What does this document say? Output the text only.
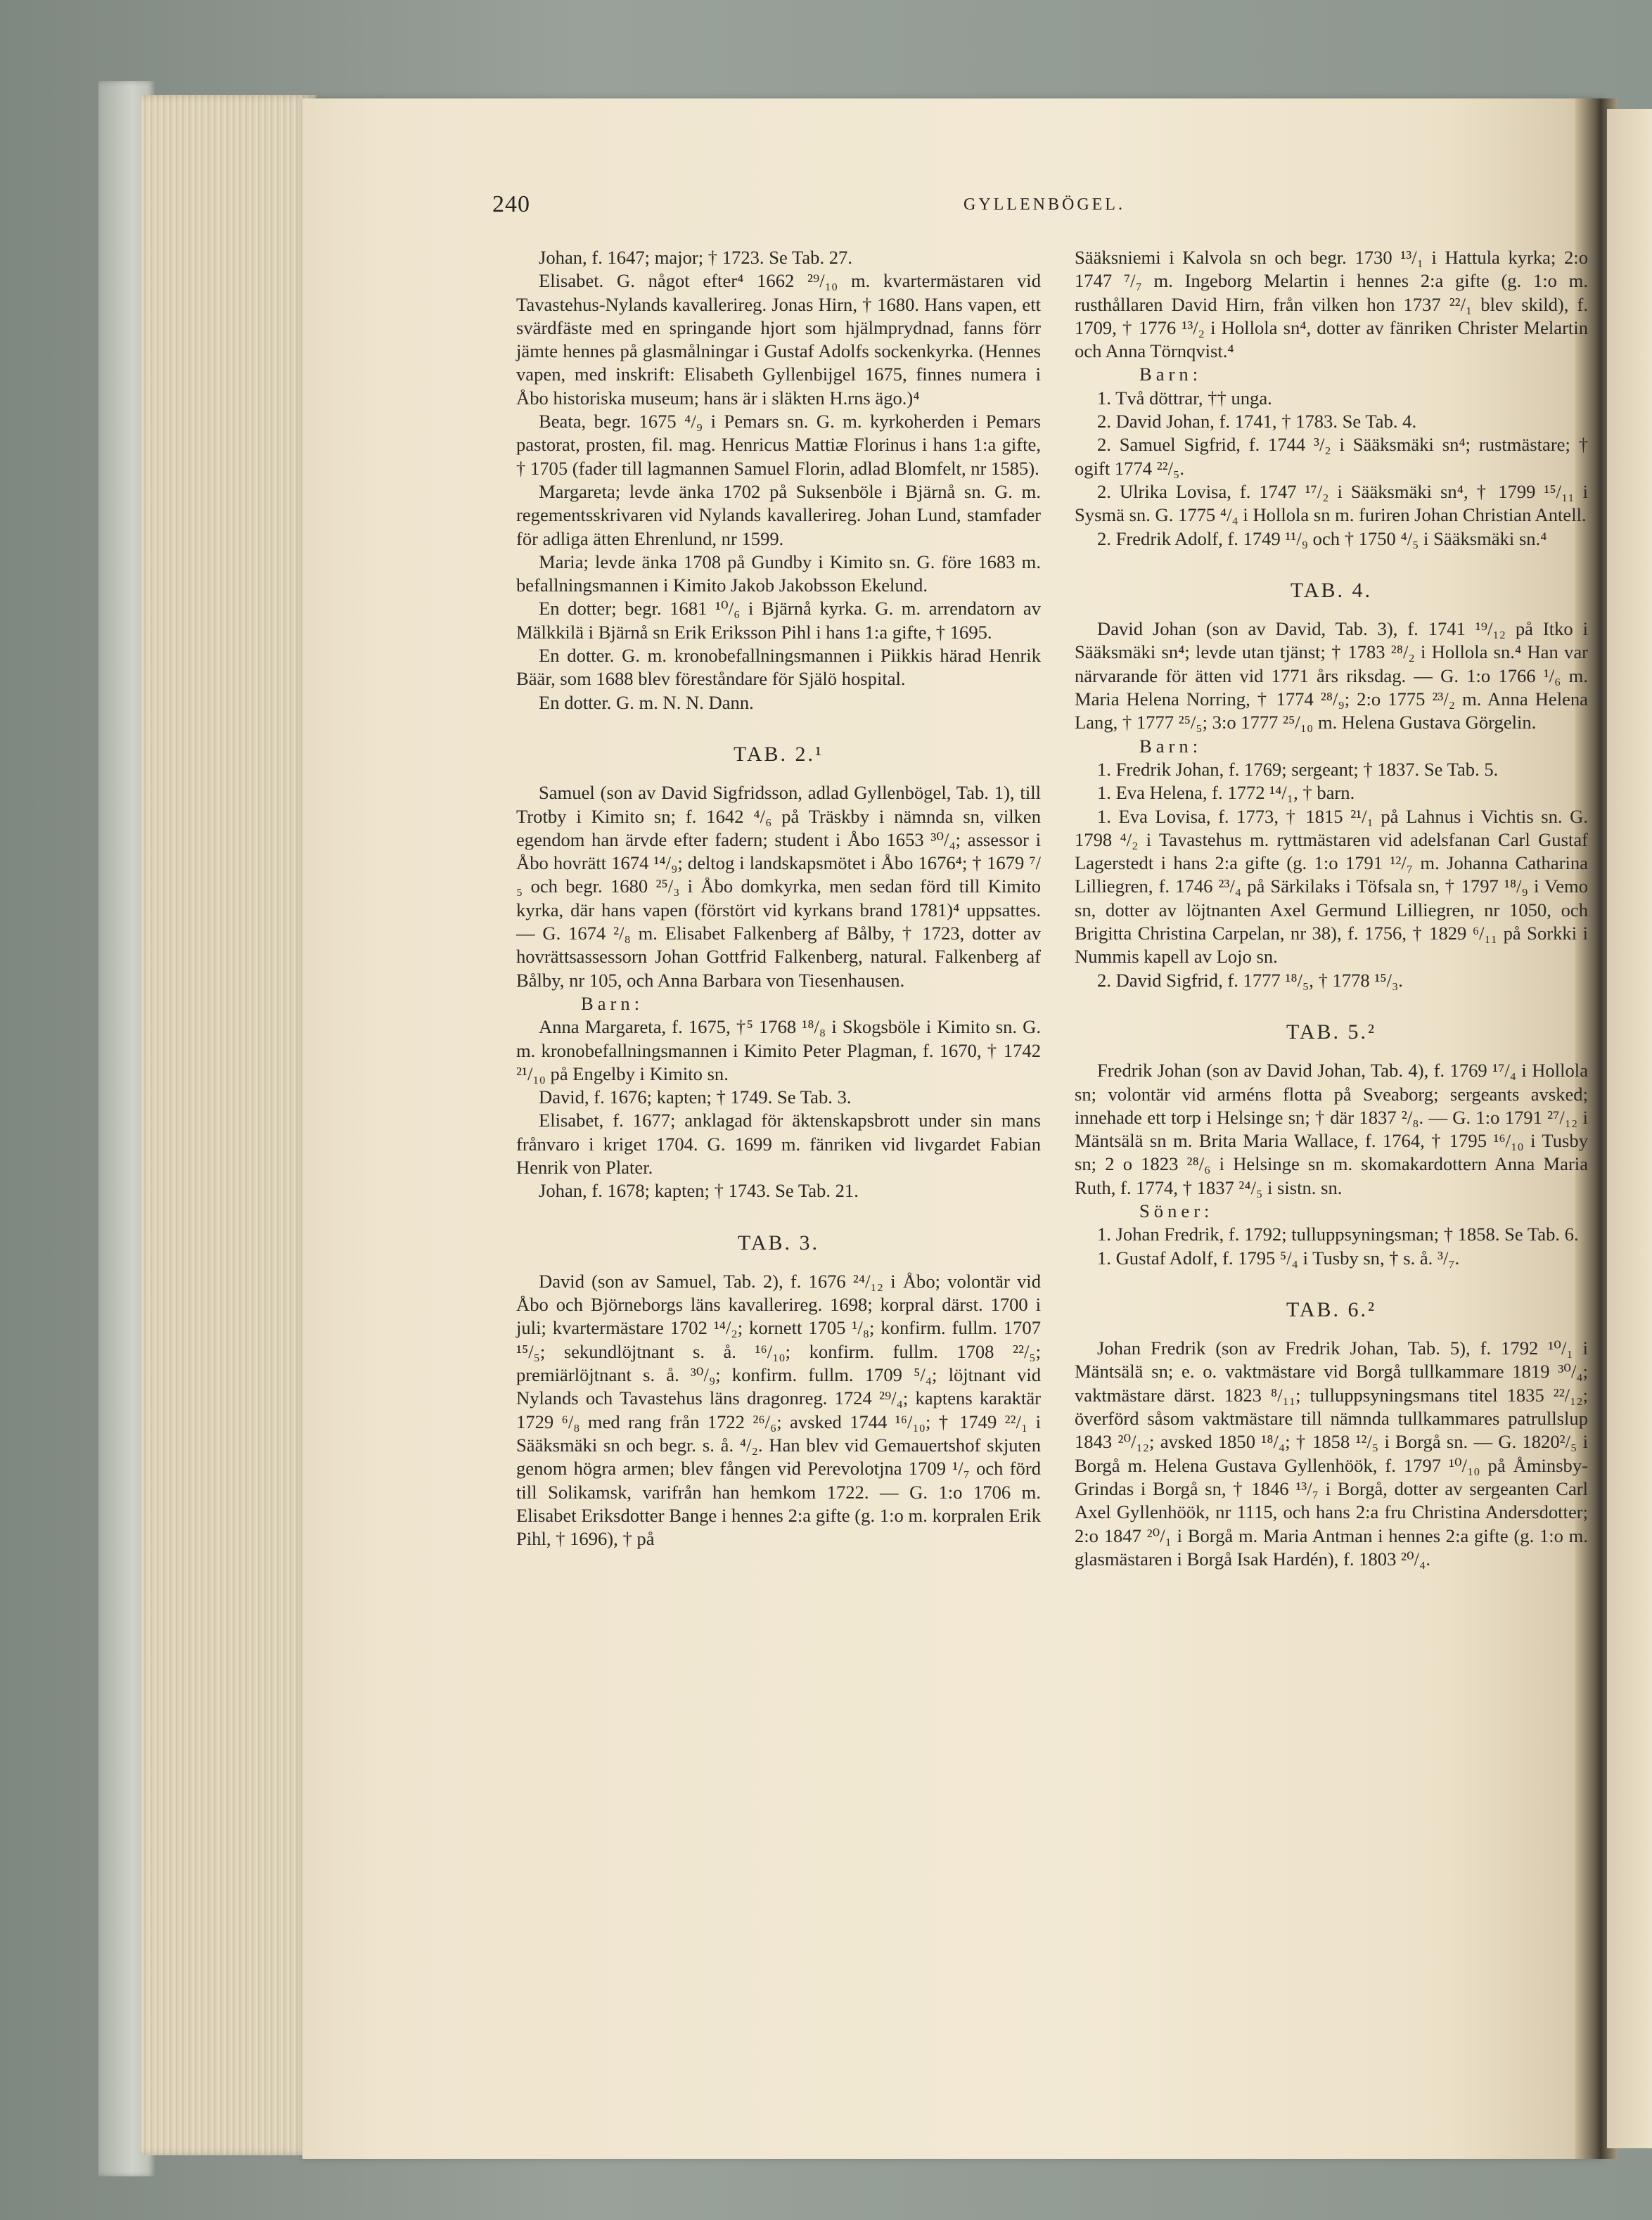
240	GYLLENBÖGEL.

Johan, f. 1647; major; † 1723. Se Tab. 27.

Elisabet. G. något efter⁴ 1662 ²⁹/₁₀ m. kvartermästaren vid Tavastehus-Nylands kavallerireg. Jonas Hirn, † 1680. Hans vapen, ett svärdfäste med en springande hjort som hjälmprydnad, fanns förr jämte hennes på glasmålningar i Gustaf Adolfs sockenkyrka. (Hennes vapen, med inskrift: Elisabeth Gyllenbijgel 1675, finnes numera i Åbo historiska museum; hans är i släkten H.rns ägo.)⁴

Beata, begr. 1675 ⁴/₉ i Pemars sn. G. m. kyrkoherden i Pemars pastorat, prosten, fil. mag. Henricus Mattiæ Florinus i hans 1:a gifte, † 1705 (fader till lagmannen Samuel Florin, adlad Blomfelt, nr 1585).

Margareta; levde änka 1702 på Suksenböle i Bjärnå sn. G. m. regementsskrivaren vid Nylands kavallerireg. Johan Lund, stamfader för adliga ätten Ehrenlund, nr 1599.

Maria; levde änka 1708 på Gundby i Kimito sn. G. före 1683 m. befallningsmannen i Kimito Jakob Jakobsson Ekelund.

En dotter; begr. 1681 ¹⁰/₆ i Bjärnå kyrka. G. m. arrendatorn av Mälkkilä i Bjärnå sn Erik Eriksson Pihl i hans 1:a gifte, † 1695.

En dotter. G. m. kronobefallningsmannen i Piikkis härad Henrik Bäär, som 1688 blev föreståndare för Själö hospital.

En dotter. G. m. N. N. Dann.

TAB. 2.¹

Samuel (son av David Sigfridsson, adlad Gyllenbögel, Tab. 1), till Trotby i Kimito sn; f. 1642 ⁴/₆ på Träskby i nämnda sn, vilken egendom han ärvde efter fadern; student i Åbo 1653 ³⁰/₄; assessor i Åbo hovrätt 1674 ¹⁴/₉; deltog i landskapsmötet i Åbo 1676⁴; † 1679 ⁷/₅ och begr. 1680 ²⁵/₃ i Åbo domkyrka, men sedan förd till Kimito kyrka, där hans vapen (förstört vid kyrkans brand 1781)⁴ uppsattes. — G. 1674 ²/₈ m. Elisabet Falkenberg af Bålby, † 1723, dotter av hovrättsassessorn Johan Gottfrid Falkenberg, natural. Falkenberg af Bålby, nr 105, och Anna Barbara von Tiesenhausen.

Barn:

Anna Margareta, f. 1675, †⁵ 1768 ¹⁸/₈ i Skogsböle i Kimito sn. G. m. kronobefallningsmannen i Kimito Peter Plagman, f. 1670, † 1742 ²¹/₁₀ på Engelby i Kimito sn.

David, f. 1676; kapten; † 1749. Se Tab. 3.

Elisabet, f. 1677; anklagad för äktenskapsbrott under sin mans frånvaro i kriget 1704. G. 1699 m. fänriken vid livgardet Fabian Henrik von Plater.

Johan, f. 1678; kapten; † 1743. Se Tab. 21.

TAB. 3.

David (son av Samuel, Tab. 2), f. 1676 ²⁴/₁₂ i Åbo; volontär vid Åbo och Björneborgs läns kavallerireg. 1698; korpral därst. 1700 i juli; kvartermästare 1702 ¹⁴/₂; kornett 1705 ¹/₈; konfirm. fullm. 1707 ¹⁵/₅; sekundlöjtnant s. å. ¹⁶/₁₀; konfirm. fullm. 1708 ²²/₅; premiärlöjtnant s. å. ³⁰/₉; konfirm. fullm. 1709 ⁵/₄; löjtnant vid Nylands och Tavastehus läns dragonreg. 1724 ²⁹/₄; kaptens karaktär 1729 ⁶/₈ med rang från 1722 ²⁶/₆; avsked 1744 ¹⁶/₁₀; † 1749 ²²/₁ i Sääksmäki sn och begr. s. å. ⁴/₂. Han blev vid Gemauertshof skjuten genom högra armen; blev fången vid Perevolotjna 1709 ¹/₇ och förd till Solikamsk, varifrån han hemkom 1722. — G. 1:o 1706 m. Elisabet Eriksdotter Bange i hennes 2:a gifte (g. 1:o m. korpralen Erik Pihl, † 1696), † på

Sääksniemi i Kalvola sn och begr. 1730 ¹³/₁ i Hattula kyrka; 2:o 1747 ⁷/₇ m. Ingeborg Melartin i hennes 2:a gifte (g. 1:o m. rusthållaren David Hirn, från vilken hon 1737 ²²/₁ blev skild), f. 1709, † 1776 ¹³/₂ i Hollola sn⁴, dotter av fänriken Christer Melartin och Anna Törnqvist.⁴

Barn:

1. Två döttrar, †† unga.

2. David Johan, f. 1741, † 1783. Se Tab. 4.

2. Samuel Sigfrid, f. 1744 ³/₂ i Sääksmäki sn⁴; rustmästare; † ogift 1774 ²²/₅.

2. Ulrika Lovisa, f. 1747 ¹⁷/₂ i Sääksmäki sn⁴, † 1799 ¹⁵/₁₁ i Sysmä sn. G. 1775 ⁴/₄ i Hollola sn m. furiren Johan Christian Antell.

2. Fredrik Adolf, f. 1749 ¹¹/₉ och † 1750 ⁴/₅ i Sääksmäki sn.⁴

TAB. 4.

David Johan (son av David, Tab. 3), f. 1741 ¹⁹/₁₂ på Itko i Sääksmäki sn⁴; levde utan tjänst; † 1783 ²⁸/₂ i Hollola sn.⁴ Han var närvarande för ätten vid 1771 års riksdag. — G. 1:o 1766 ¹/₆ m. Maria Helena Norring, † 1774 ²⁸/₉; 2:o 1775 ²³/₂ m. Anna Helena Lang, † 1777 ²⁵/₅; 3:o 1777 ²⁵/₁₀ m. Helena Gustava Görgelin.

Barn:

1. Fredrik Johan, f. 1769; sergeant; † 1837. Se Tab. 5.

1. Eva Helena, f. 1772 ¹⁴/₁, † barn.

1. Eva Lovisa, f. 1773, † 1815 ²¹/₁ på Lahnus i Vichtis sn. G. 1798 ⁴/₂ i Tavastehus m. ryttmästaren vid adelsfanan Carl Gustaf Lagerstedt i hans 2:a gifte (g. 1:o 1791 ¹²/₇ m. Johanna Catharina Lilliegren, f. 1746 ²³/₄ på Särkilaks i Töfsala sn, † 1797 ¹⁸/₉ i Vemo sn, dotter av löjtnanten Axel Germund Lilliegren, nr 1050, och Brigitta Christina Carpelan, nr 38), f. 1756, † 1829 ⁶/₁₁ på Sorkki i Nummis kapell av Lojo sn.

2. David Sigfrid, f. 1777 ¹⁸/₅, † 1778 ¹⁵/₃.

TAB. 5.²

Fredrik Johan (son av David Johan, Tab. 4), f. 1769 ¹⁷/₄ i Hollola sn; volontär vid arméns flotta på Sveaborg; sergeants avsked; innehade ett torp i Helsinge sn; † där 1837 ²/₈. — G. 1:o 1791 ²⁷/₁₂ i Mäntsälä sn m. Brita Maria Wallace, f. 1764, † 1795 ¹⁶/₁₀ i Tusby sn; 2 o 1823 ²⁸/₆ i Helsinge sn m. skomakardottern Anna Maria Ruth, f. 1774, † 1837 ²⁴/₅ i sistn. sn.

Söner:

1. Johan Fredrik, f. 1792; tulluppsyningsman; † 1858. Se Tab. 6.

1. Gustaf Adolf, f. 1795 ⁵/₄ i Tusby sn, † s. å. ³/₇.

TAB. 6.²

Johan Fredrik (son av Fredrik Johan, Tab. 5), f. 1792 ¹⁰/₁ i Mäntsälä sn; e. o. vaktmästare vid Borgå tullkammare 1819 ³⁰/₄; vaktmästare därst. 1823 ⁸/₁₁; tulluppsyningsmans titel 1835 ²²/₁₂; överförd såsom vaktmästare till nämnda tullkammares patrullslup 1843 ²⁰/₁₂; avsked 1850 ¹⁸/₄; † 1858 ¹²/₅ i Borgå sn. — G. 1820²/₅ i Borgå m. Helena Gustava Gyllenhöök, f. 1797 ¹⁰/₁₀ på Åminsby-Grindas i Borgå sn, † 1846 ¹³/₇ i Borgå, dotter av sergeanten Carl Axel Gyllenhöök, nr 1115, och hans 2:a fru Christina Andersdotter; 2:o 1847 ²⁰/₁ i Borgå m. Maria Antman i hennes 2:a gifte (g. 1:o m. glasmästaren i Borgå Isak Hardén), f. 1803 ²⁰/₄.
